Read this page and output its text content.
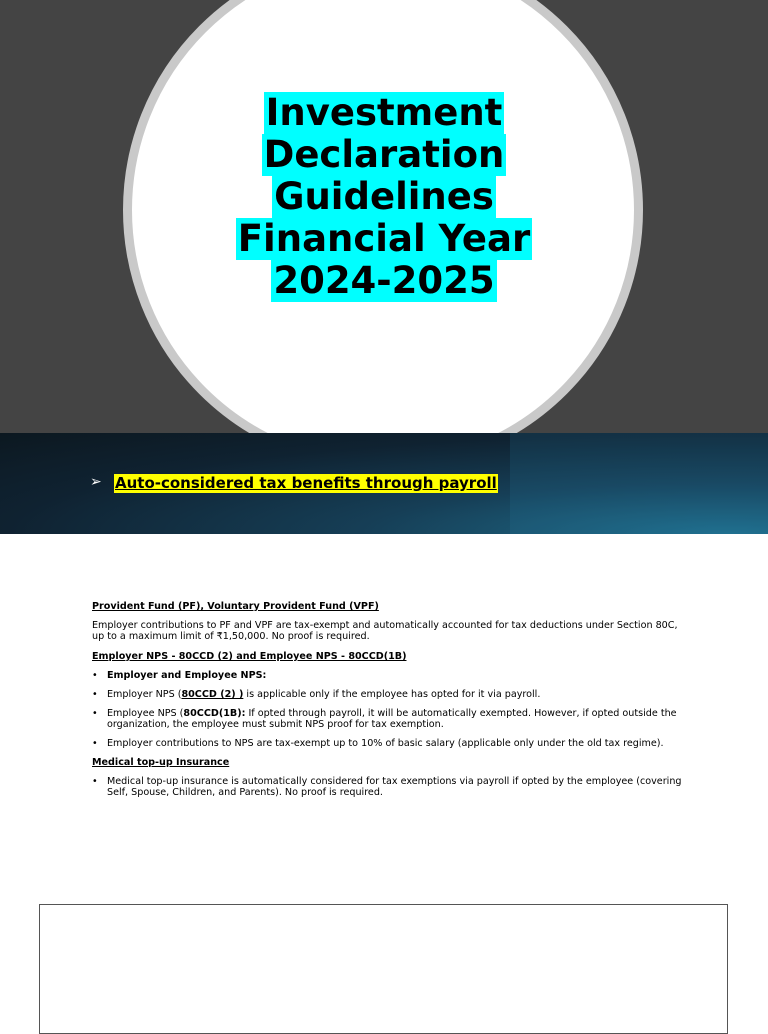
Investment
Declaration
Guidelines
Financial Year
2024-2025
➢ Auto-considered tax benefits through payroll
Provident Fund (PF), Voluntary Provident Fund (VPF)

Employer contributions to PF and VPF are tax-exempt and automatically accounted for tax deductions under Section 80C, up to a maximum limit of ₹1,50,000. No proof is required.

Employer NPS - 80CCD (2) and Employee NPS - 80CCD(1B)
• Employer and Employee NPS:
• Employer NPS (80CCD (2) ) is applicable only if the employee has opted for it via payroll.
• Employee NPS (80CCD(1B): If opted through payroll, it will be automatically exempted. However, if opted outside the organization, the employee must submit NPS proof for tax exemption.
• Employer contributions to NPS are tax-exempt up to 10% of basic salary (applicable only under the old tax regime).
Medical top-up Insurance
• Medical top-up insurance is automatically considered for tax exemptions via payroll if opted by the employee (covering Self, Spouse, Children, and Parents). No proof is required.
